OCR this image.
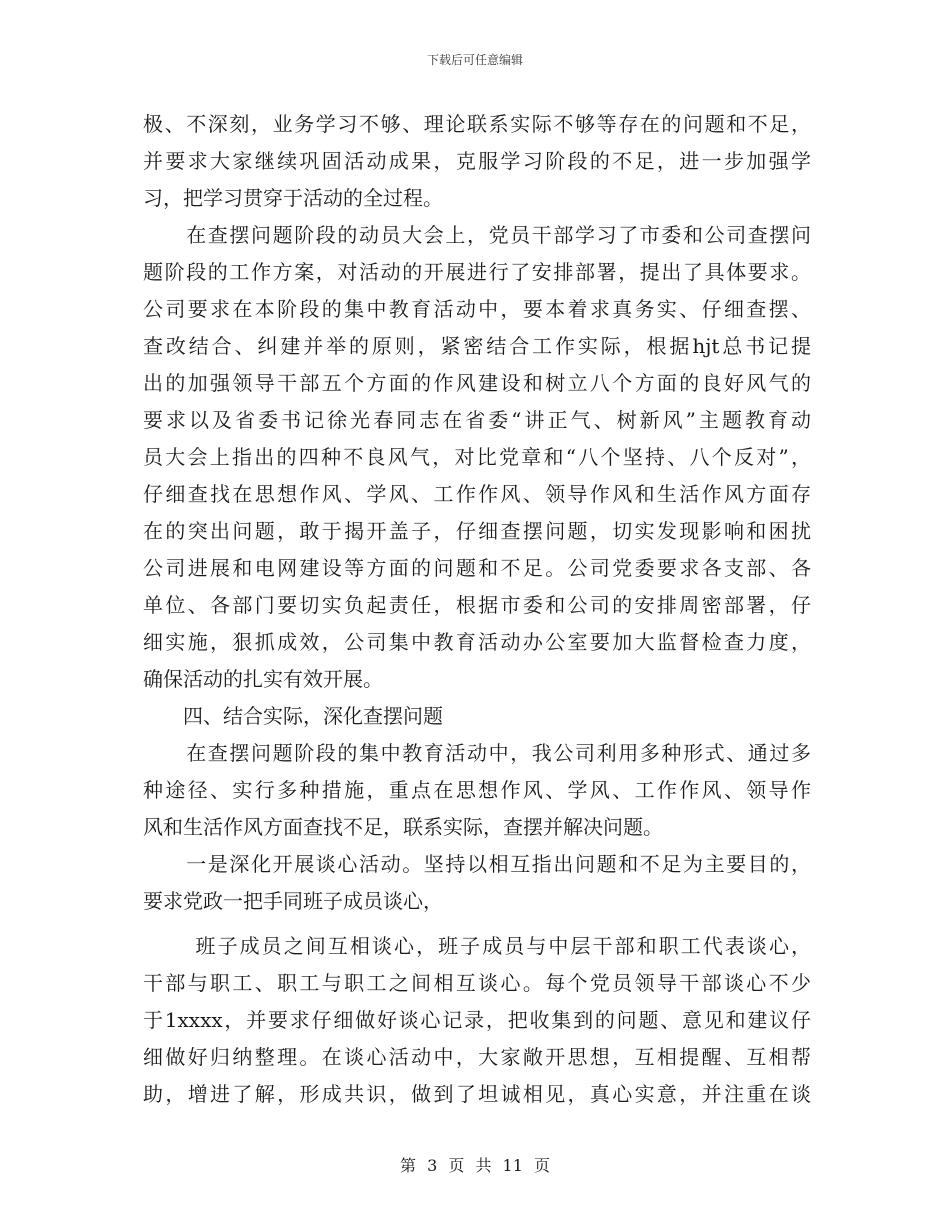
下载后可任意编辑
极、不深刻，业务学习不够、理论联系实际不够等存在的问题和不足，
并要求大家继续巩固活动成果，克服学习阶段的不足，进一步加强学
习，把学习贯穿于活动的全过程。
　　在查摆问题阶段的动员大会上，党员干部学习了市委和公司查摆问
题阶段的工作方案，对活动的开展进行了安排部署，提出了具体要求。
公司要求在本阶段的集中教育活动中，要本着求真务实、仔细查摆、
查改结合、纠建并举的原则，紧密结合工作实际，根据hjt总书记提
出的加强领导干部五个方面的作风建设和树立八个方面的良好风气的
要求以及省委书记徐光春同志在省委“讲正气、树新风”主题教育动
员大会上指出的四种不良风气，对比党章和“八个坚持、八个反对”，
仔细查找在思想作风、学风、工作作风、领导作风和生活作风方面存
在的突出问题，敢于揭开盖子，仔细查摆问题，切实发现影响和困扰
公司进展和电网建设等方面的问题和不足。公司党委要求各支部、各
单位、各部门要切实负起责任，根据市委和公司的安排周密部署，仔
细实施，狠抓成效，公司集中教育活动办公室要加大监督检查力度，
确保活动的扎实有效开展。
　　四、结合实际，深化查摆问题
　　在查摆问题阶段的集中教育活动中，我公司利用多种形式、通过多
种途径、实行多种措施，重点在思想作风、学风、工作作风、领导作
风和生活作风方面查找不足，联系实际，查摆并解决问题。
　　一是深化开展谈心活动。坚持以相互指出问题和不足为主要目的，
要求党政一把手同班子成员谈心，
　　 班子成员之间互相谈心，班子成员与中层干部和职工代表谈心，
干部与职工、职工与职工之间相互谈心。每个党员领导干部谈心不少
于1xxxx，并要求仔细做好谈心记录，把收集到的问题、意见和建议仔
细做好归纳整理。在谈心活动中，大家敞开思想，互相提醒、互相帮
助，增进了解，形成共识，做到了坦诚相见，真心实意，并注重在谈
第 3 页 共 11 页
